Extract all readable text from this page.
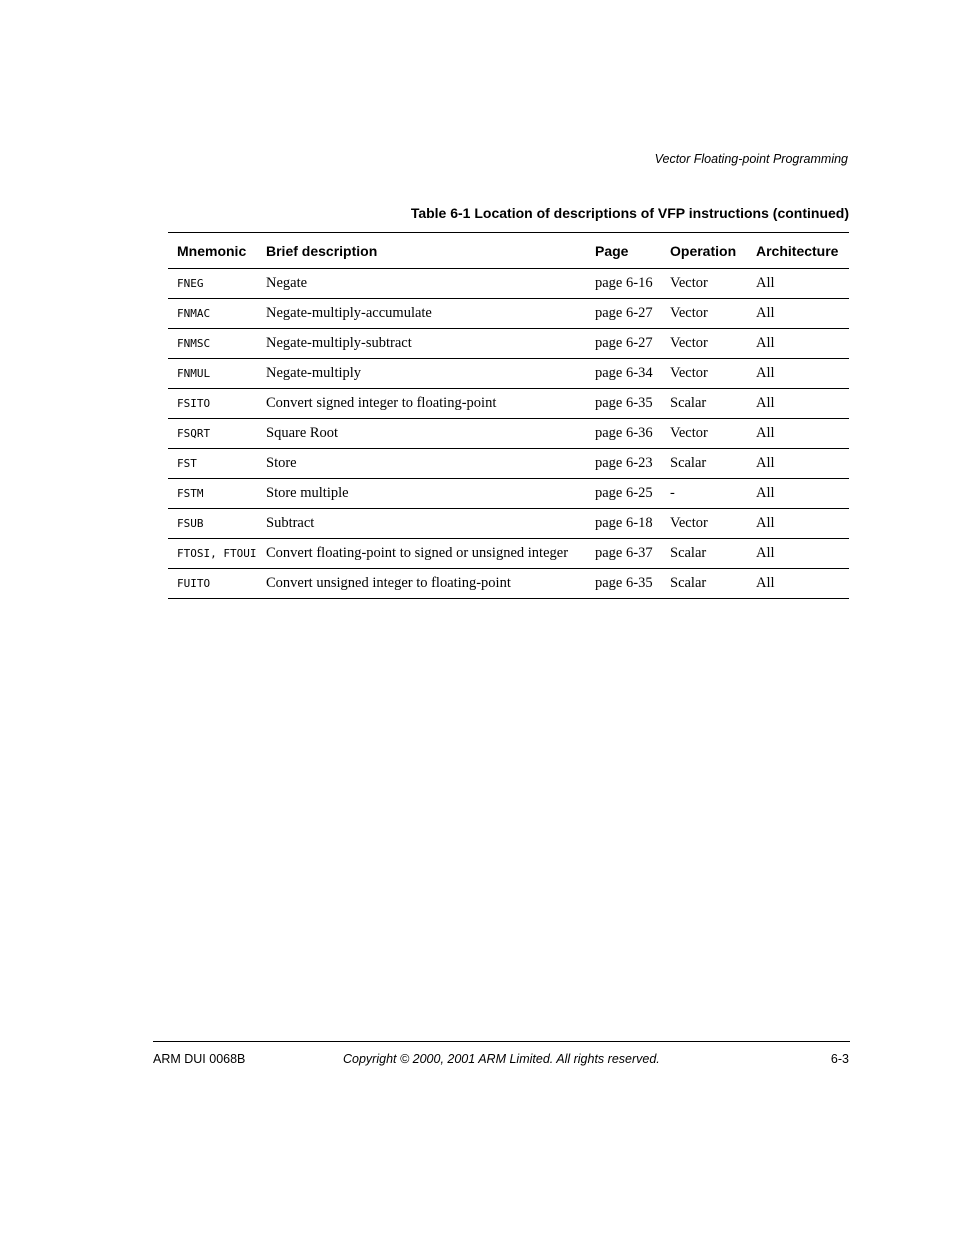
Vector Floating-point Programming
Table 6-1 Location of descriptions of VFP instructions (continued)
Mnemonic	Brief description	Page	Operation	Architecture
FNEG	Negate	page 6-16	Vector	All
FNMAC	Negate-multiply-accumulate	page 6-27	Vector	All
FNMSC	Negate-multiply-subtract	page 6-27	Vector	All
FNMUL	Negate-multiply	page 6-34	Vector	All
FSITO	Convert signed integer to floating-point	page 6-35	Scalar	All
FSQRT	Square Root	page 6-36	Vector	All
FST	Store	page 6-23	Scalar	All
FSTM	Store multiple	page 6-25	-	All
FSUB	Subtract	page 6-18	Vector	All
FTOSI, FTOUI	Convert floating-point to signed or unsigned integer	page 6-37	Scalar	All
FUITO	Convert unsigned integer to floating-point	page 6-35	Scalar	All
ARM DUI 0068B	Copyright © 2000, 2001 ARM Limited. All rights reserved.	6-3
